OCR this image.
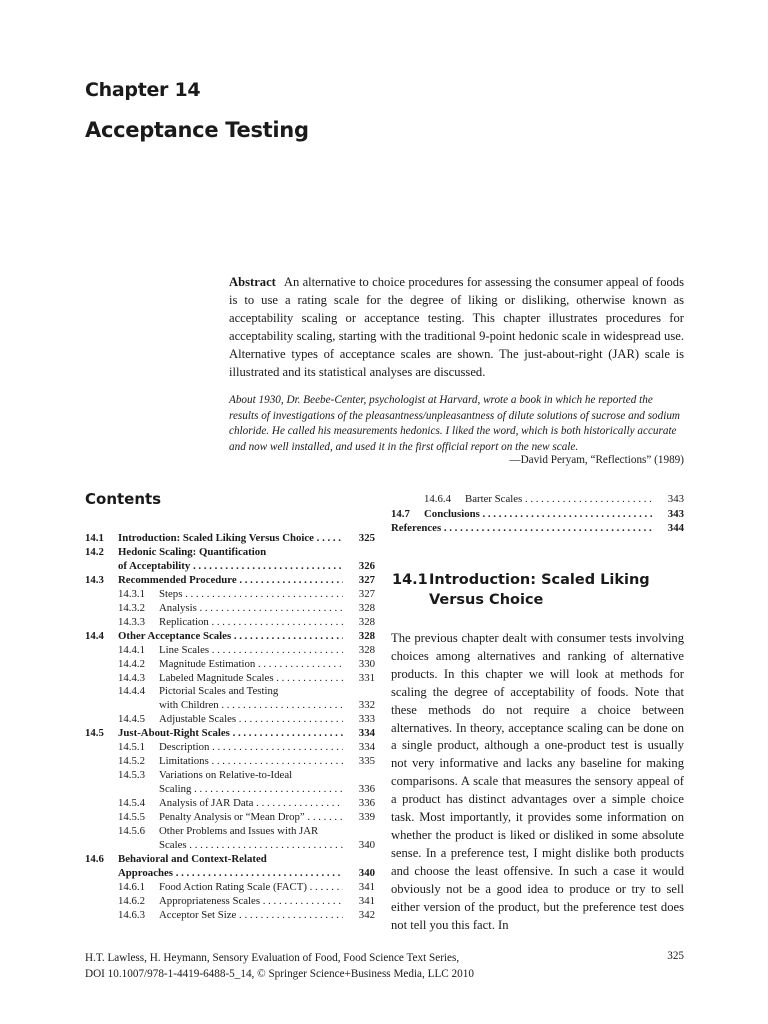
Chapter 14
Acceptance Testing
Abstract An alternative to choice procedures for assessing the consumer appeal of foods is to use a rating scale for the degree of liking or disliking, otherwise known as acceptability scaling or acceptance testing. This chapter illustrates procedures for acceptability scaling, starting with the traditional 9-point hedonic scale in widespread use. Alternative types of acceptance scales are shown. The just-about-right (JAR) scale is illustrated and its statistical analyses are discussed.
About 1930, Dr. Beebe-Center, psychologist at Harvard, wrote a book in which he reported the results of investigations of the pleasantness/unpleasantness of dilute solutions of sucrose and sodium chloride. He called his measurements hedonics. I liked the word, which is both historically accurate and now well installed, and used it in the first official report on the new scale.
—David Peryam, “Reflections” (1989)
Contents
14.1 Introduction: Scaled Liking Versus Choice . . .	325
14.2 Hedonic Scaling: Quantification
of Acceptability . . .	326
14.3 Recommended Procedure . . .	327
14.3.1 Steps . . .	327
14.3.2 Analysis . . .	328
14.3.3 Replication . . .	328
14.4 Other Acceptance Scales . . .	328
14.4.1 Line Scales . . .	328
14.4.2 Magnitude Estimation . . .	330
14.4.3 Labeled Magnitude Scales . . .	331
14.4.4 Pictorial Scales and Testing
with Children . . .	332
14.4.5 Adjustable Scales . . .	333
14.5 Just-About-Right Scales . . .	334
14.5.1 Description . . .	334
14.5.2 Limitations . . .	335
14.5.3 Variations on Relative-to-Ideal
Scaling . . .	336
14.5.4 Analysis of JAR Data . . .	336
14.5.5 Penalty Analysis or “Mean Drop” . . .	339
14.5.6 Other Problems and Issues with JAR
Scales . . .	340
14.6 Behavioral and Context-Related
Approaches . . .	340
14.6.1 Food Action Rating Scale (FACT) . . .	341
14.6.2 Appropriateness Scales . . .	341
14.6.3 Acceptor Set Size . . .	342
14.6.4 Barter Scales . . .	343
14.7 Conclusions . . .	343
References . . .	344
14.1 Introduction: Scaled Liking Versus Choice
The previous chapter dealt with consumer tests involving choices among alternatives and ranking of alternative products. In this chapter we will look at methods for scaling the degree of acceptability of foods. Note that these methods do not require a choice between alternatives. In theory, acceptance scaling can be done on a single product, although a one-product test is usually not very informative and lacks any baseline for making comparisons. A scale that measures the sensory appeal of a product has distinct advantages over a simple choice task. Most importantly, it provides some information on whether the product is liked or disliked in some absolute sense. In a preference test, I might dislike both products and choose the least offensive. In such a case it would obviously not be a good idea to produce or try to sell either version of the product, but the preference test does not tell you this fact. In
H.T. Lawless, H. Heymann, Sensory Evaluation of Food, Food Science Text Series,
DOI 10.1007/978-1-4419-6488-5_14, © Springer Science+Business Media, LLC 2010
325
